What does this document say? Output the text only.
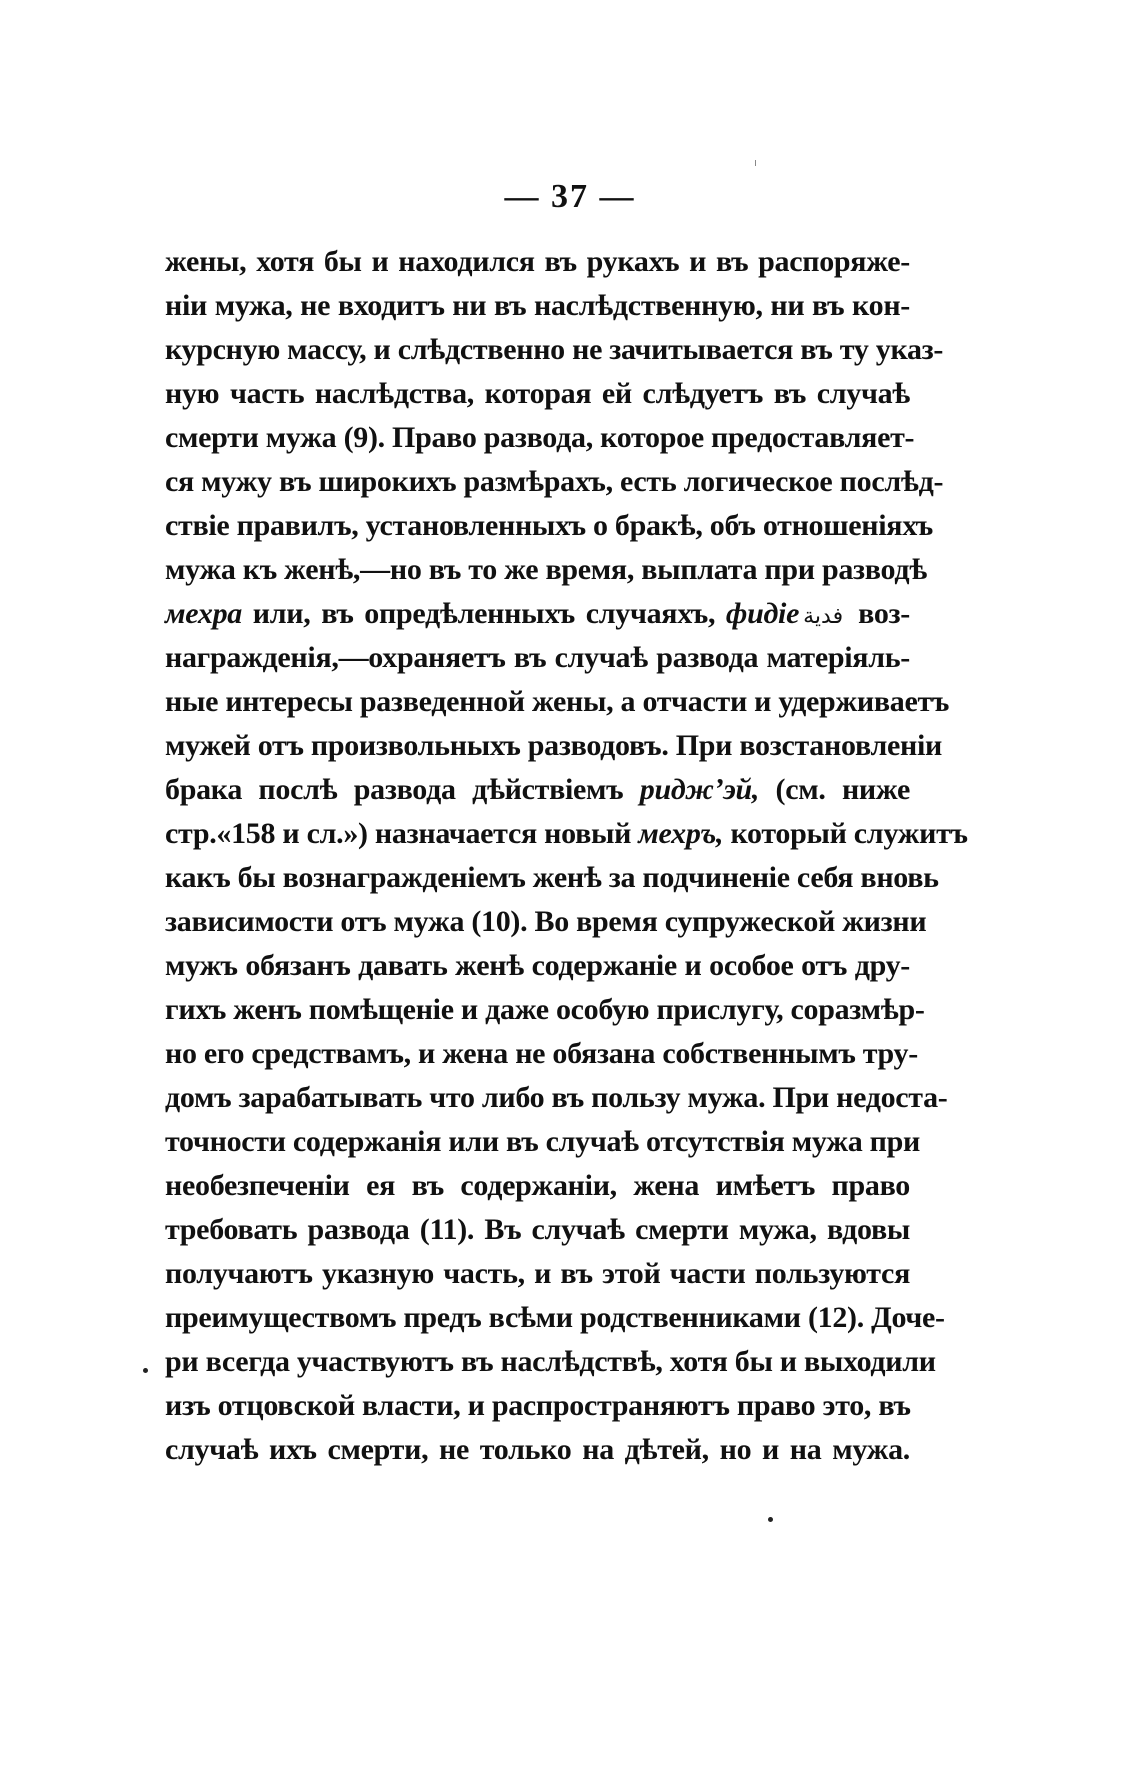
— 37 —
жены, хотя бы и находился въ рукахъ и въ распоряже-
ніи мужа, не входитъ ни въ наслѣдственную, ни въ кон-
курсную массу, и слѣдственно не зачитывается въ ту указ-
ную часть наслѣдства, которая ей слѣдуетъ въ случаѣ
смерти мужа (9). Право развода, которое предоставляет-
ся мужу въ широкихъ размѣрахъ, есть логическое послѣд-
ствіе правилъ, установленныхъ о бракѣ, объ отношеніяхъ
мужа къ женѣ,—но въ то же время, выплата при разводѣ
мехра или, въ опредѣленныхъ случаяхъ, фидіе فدية воз-
награжденія,—охраняетъ въ случаѣ развода матеріяль-
ные интересы разведенной жены, а отчасти и удерживаетъ
мужей отъ произвольныхъ разводовъ. При возстановленіи
брака послѣ развода дѣйствіемъ риджʼэй, (см. ниже
стр.«158 и сл.») назначается новый мехръ, который служитъ
какъ бы вознагражденіемъ женѣ за подчиненіе себя вновь
зависимости отъ мужа (10). Во время супружеской жизни
мужъ обязанъ давать женѣ содержаніе и особое отъ дру-
гихъ женъ помѣщеніе и даже особую прислугу, соразмѣр-
но его средствамъ, и жена не обязана собственнымъ тру-
домъ зарабатывать что либо въ пользу мужа. При недоста-
точности содержанія или въ случаѣ отсутствія мужа при
необезпеченіи ея въ содержаніи, жена имѣетъ право
требовать развода (11). Въ случаѣ смерти мужа, вдовы
получаютъ указную часть, и въ этой части пользуются
преимуществомъ предъ всѣми родственниками (12). Доче-
ри всегда участвуютъ въ наслѣдствѣ, хотя бы и выходили
изъ отцовской власти, и распространяютъ право это, въ
случаѣ ихъ смерти, не только на дѣтей, но и на мужа.
